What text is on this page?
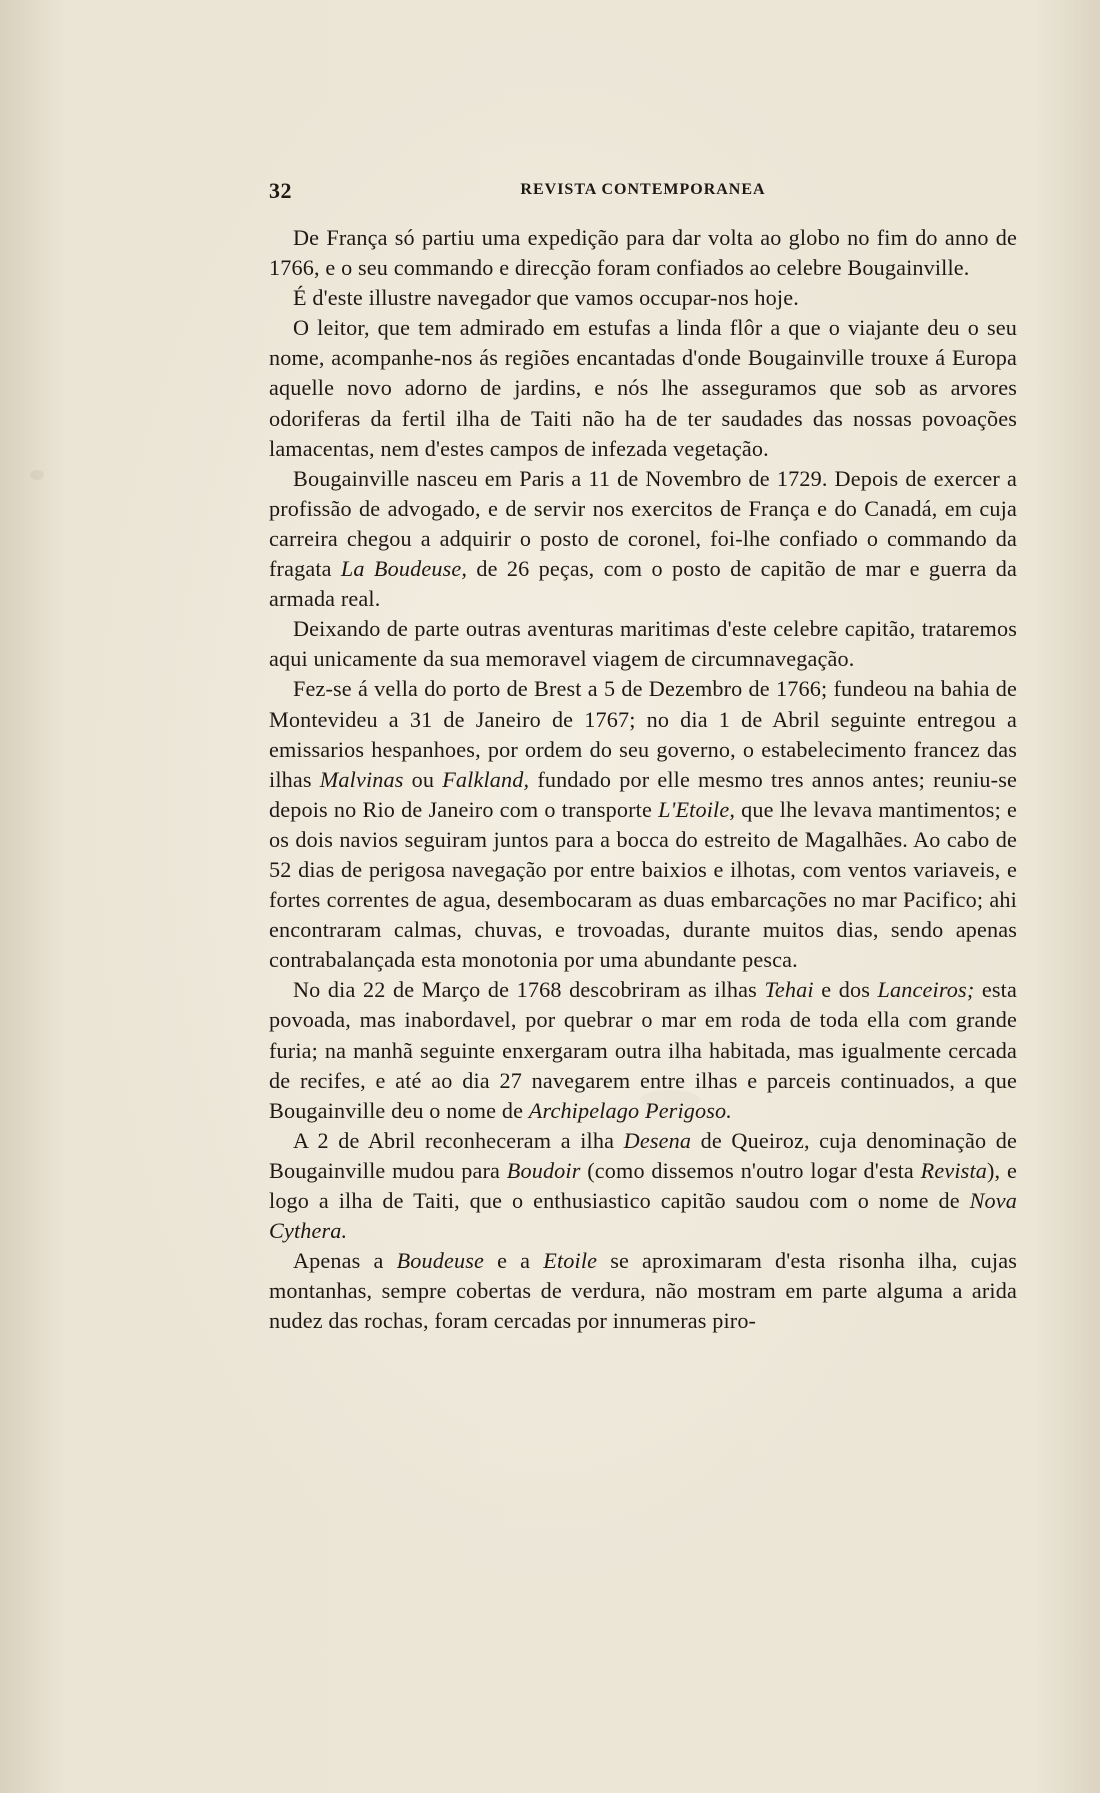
32	REVISTA CONTEMPORANEA

De França só partiu uma expedição para dar volta ao globo no fim do anno de 1766, e o seu commando e direcção foram confiados ao celebre Bougainville.

É d'este illustre navegador que vamos occupar-nos hoje.

O leitor, que tem admirado em estufas a linda flôr a que o viajante deu o seu nome, acompanhe-nos ás regiões encantadas d'onde Bougainville trouxe á Europa aquelle novo adorno de jardins, e nós lhe asseguramos que sob as arvores odoriferas da fertil ilha de Taiti não ha de ter saudades das nossas povoações lamacentas, nem d'estes campos de infezada vegetação.

Bougainville nasceu em Paris a 11 de Novembro de 1729. Depois de exercer a profissão de advogado, e de servir nos exercitos de França e do Canadá, em cuja carreira chegou a adquirir o posto de coronel, foi-lhe confiado o commando da fragata La Boudeuse, de 26 peças, com o posto de capitão de mar e guerra da armada real.

Deixando de parte outras aventuras maritimas d'este celebre capitão, trataremos aqui unicamente da sua memoravel viagem de circumnavegação.

Fez-se á vella do porto de Brest a 5 de Dezembro de 1766; fundeou na bahia de Montevideu a 31 de Janeiro de 1767; no dia 1 de Abril seguinte entregou a emissarios hespanhoes, por ordem do seu governo, o estabelecimento francez das ilhas Malvinas ou Falkland, fundado por elle mesmo tres annos antes; reuniu-se depois no Rio de Janeiro com o transporte L'Etoile, que lhe levava mantimentos; e os dois navios seguiram juntos para a bocca do estreito de Magalhães. Ao cabo de 52 dias de perigosa navegação por entre baixios e ilhotas, com ventos variaveis, e fortes correntes de agua, desembocaram as duas embarcações no mar Pacifico; ahi encontraram calmas, chuvas, e trovoadas, durante muitos dias, sendo apenas contrabalançada esta monotonia por uma abundante pesca.

No dia 22 de Março de 1768 descobriram as ilhas Tehai e dos Lanceiros; esta povoada, mas inabordavel, por quebrar o mar em roda de toda ella com grande furia; na manhã seguinte enxergaram outra ilha habitada, mas igualmente cercada de recifes, e até ao dia 27 navegarem entre ilhas e parceis continuados, a que Bougainville deu o nome de Archipelago Perigoso.

A 2 de Abril reconheceram a ilha Desena de Queiroz, cuja denominação de Bougainville mudou para Boudoir (como dissemos n'outro logar d'esta Revista), e logo a ilha de Taiti, que o enthusiastico capitão saudou com o nome de Nova Cythera.

Apenas a Boudeuse e a Etoile se aproximaram d'esta risonha ilha, cujas montanhas, sempre cobertas de verdura, não mostram em parte alguma a arida nudez das rochas, foram cercadas por innumeras piro-
